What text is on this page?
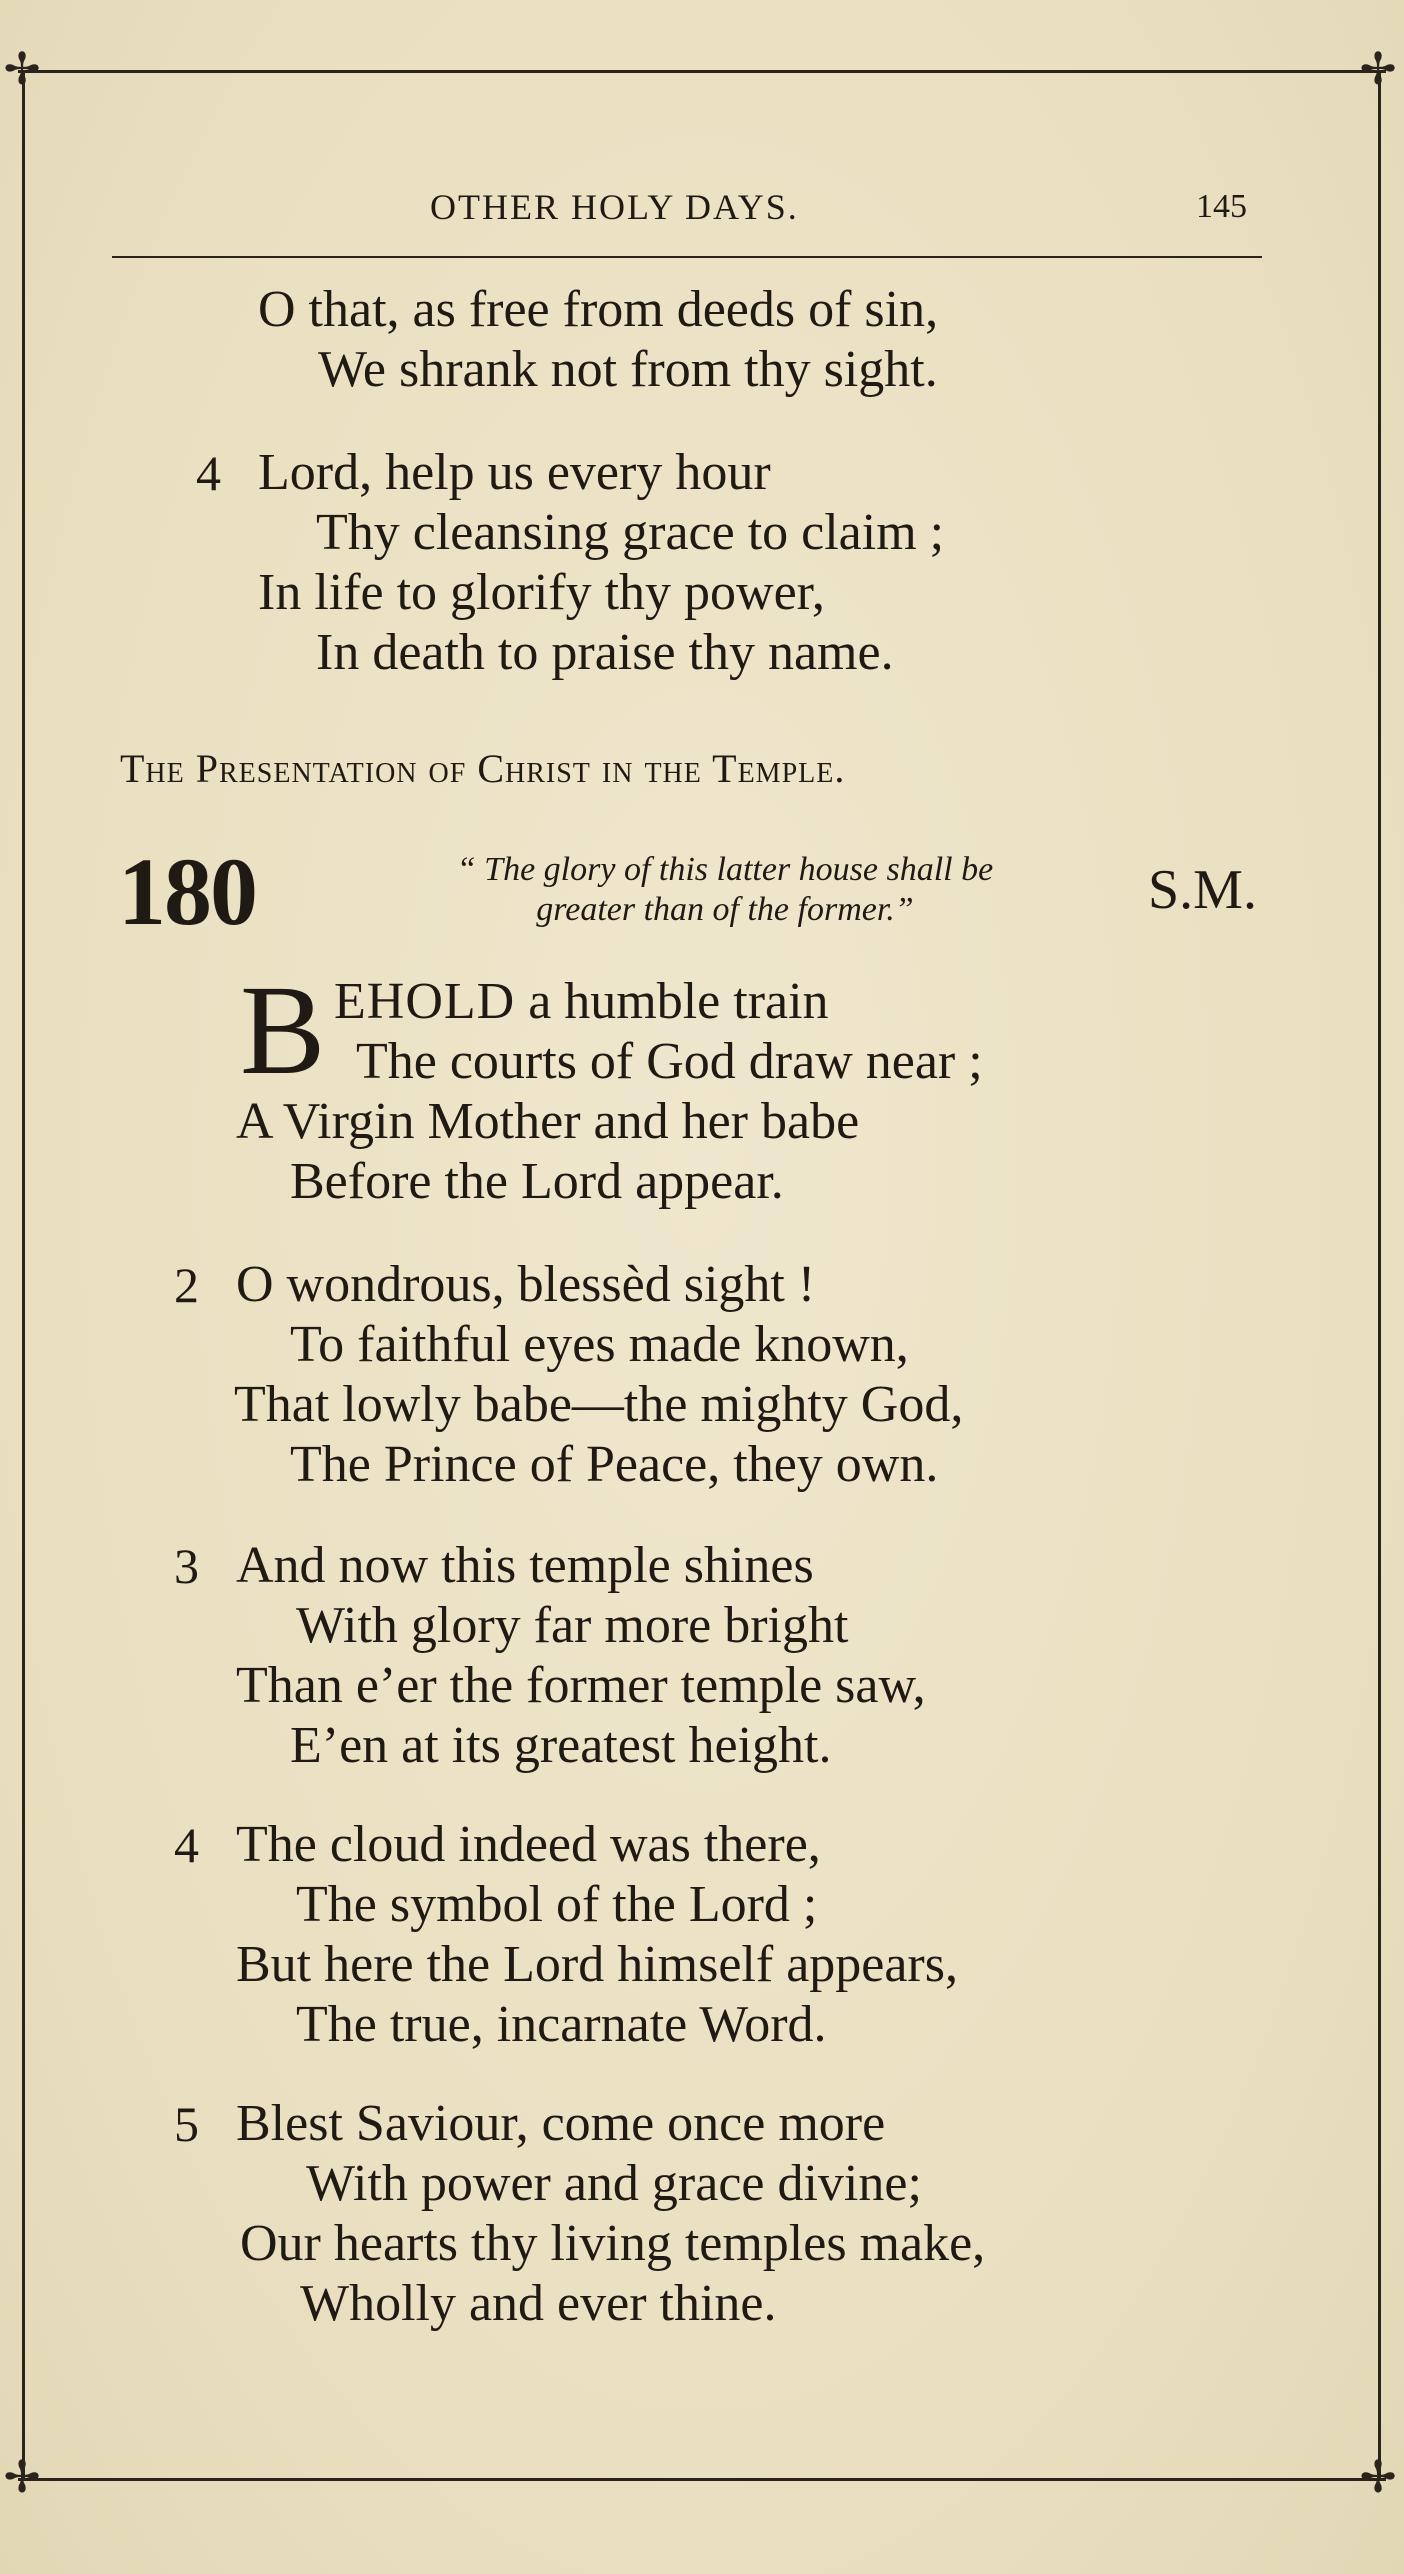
✢	✢
✢	✢
OTHER HOLY DAYS.	145
O that, as free from deeds of sin,
We shrank not from thy sight.
4 Lord, help us every hour
Thy cleansing grace to claim ;
In life to glorify thy power,
In death to praise thy name.
The Presentation of Christ in the Temple.
180	“ The glory of this latter house shall be
greater than of the former.”	S.M.
B EHOLD a humble train
The courts of God draw near ;
A Virgin Mother and her babe
Before the Lord appear.
2 O wondrous, blessèd sight !
To faithful eyes made known,
That lowly babe—the mighty God,
The Prince of Peace, they own.
3 And now this temple shines
With glory far more bright
Than e’er the former temple saw,
E’en at its greatest height.
4 The cloud indeed was there,
The symbol of the Lord ;
But here the Lord himself appears,
The true, incarnate Word.
5 Blest Saviour, come once more
With power and grace divine;
Our hearts thy living temples make,
Wholly and ever thine.
